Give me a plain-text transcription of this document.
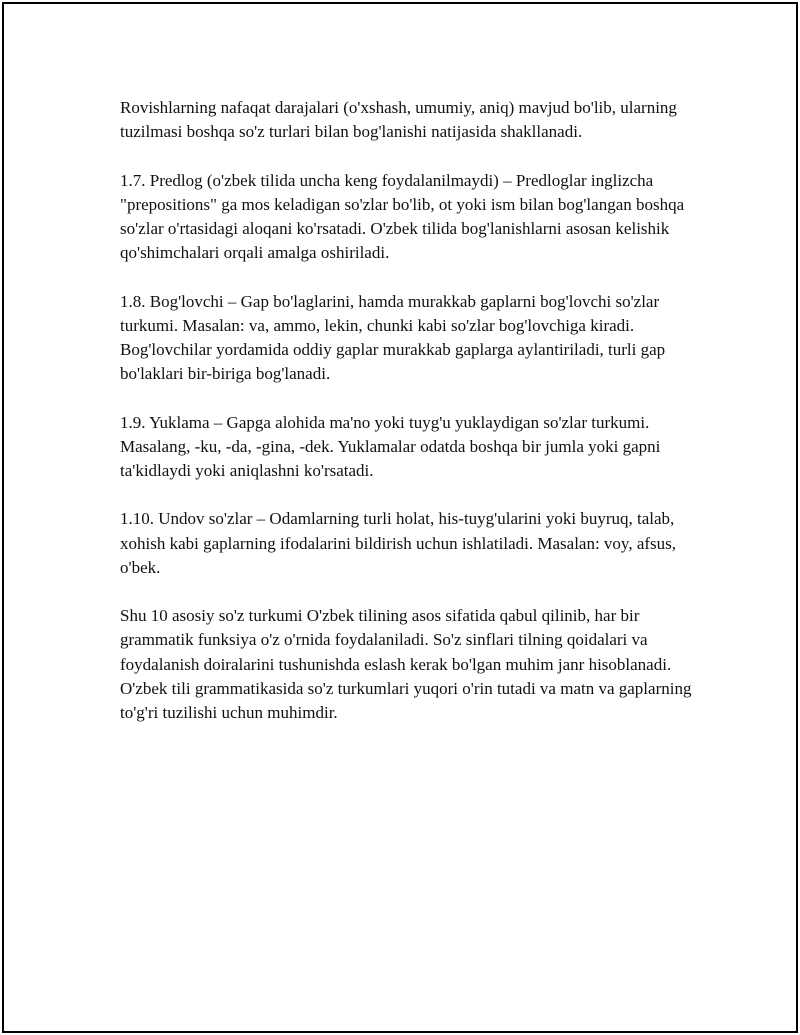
Rovishlarning nafaqat darajalari (o'xshash, umumiy, aniq) mavjud bo'lib, ularning tuzilmasi boshqa so'z turlari bilan bog'lanishi natijasida shakllanadi.

1.7. Predlog (o'zbek tilida uncha keng foydalanilmaydi) – Predloglar inglizcha "prepositions" ga mos keladigan so'zlar bo'lib, ot yoki ism bilan bog'langan boshqa so'zlar o'rtasidagi aloqani ko'rsatadi. O'zbek tilida bog'lanishlarni asosan kelishik qo'shimchalari orqali amalga oshiriladi.

1.8. Bog'lovchi – Gap bo'laglarini, hamda murakkab gaplarni bog'lovchi so'zlar turkumi. Masalan: va, ammo, lekin, chunki kabi so'zlar bog'lovchiga kiradi. Bog'lovchilar yordamida oddiy gaplar murakkab gaplarga aylantiriladi, turli gap bo'laklari bir-biriga bog'lanadi.

1.9. Yuklama – Gapga alohida ma'no yoki tuyg'u yuklaydigan so'zlar turkumi. Masalang, -ku, -da, -gina, -dek. Yuklamalar odatda boshqa bir jumla yoki gapni ta'kidlaydi yoki aniqlashni ko'rsatadi.

1.10. Undov so'zlar – Odamlarning turli holat, his-tuyg'ularini yoki buyruq, talab, xohish kabi gaplarning ifodalarini bildirish uchun ishlatiladi. Masalan: voy, afsus, o'bek.

Shu 10 asosiy so'z turkumi O'zbek tilining asos sifatida qabul qilinib, har bir grammatik funksiya o'z o'rnida foydalaniladi. So'z sinflari tilning qoidalari va foydalanish doiralarini tushunishda eslash kerak bo'lgan muhim janr hisoblanadi. O'zbek tili grammatikasida so'z turkumlari yuqori o'rin tutadi va matn va gaplarning to'g'ri tuzilishi uchun muhimdir.
